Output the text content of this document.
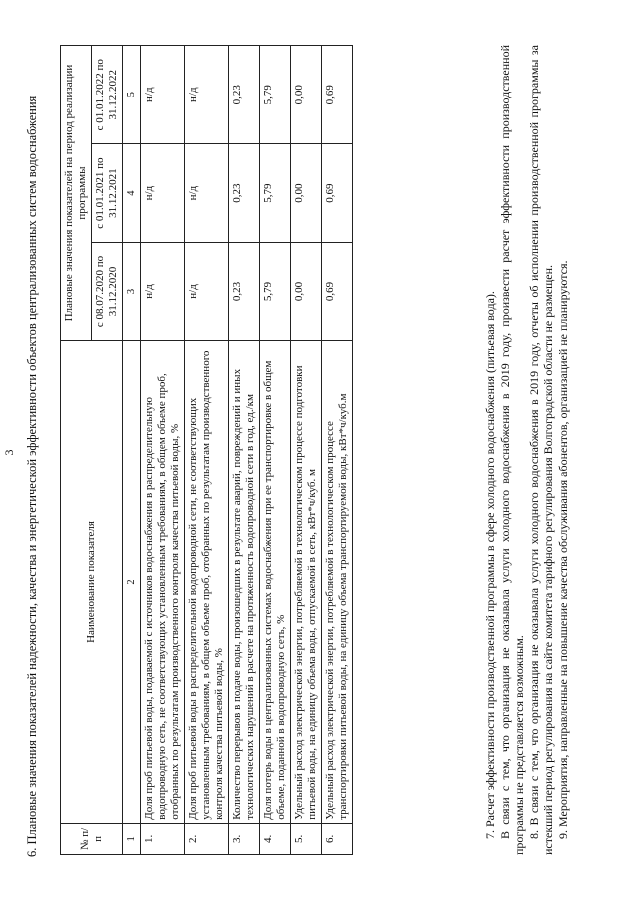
3 6. Плановые значения показателей надежности, качества и энергетической эффективности объектов централизованных систем водоснабжения	№ п/п	Наименование показателя	Плановые значения показателей на период реализации программы		
		с 08.07.2020 по 31.12.2020	с 01.01.2021 по 31.12.2021	с 01.01.2022 по 31.12.2022
1	2	3	4	5
1.	Доля проб питьевой воды, подаваемой с источников водоснабжения в распределительную водопроводную сеть, не соответствующих установленным требованиям, в общем объеме проб, отобранных по результатам производственного контроля качества питьевой воды, %	н/д	н/д	н/д
2.	Доля проб питьевой воды в распределительной водопроводной сети, не соответствующих установленным требованиям, в общем объеме проб, отобранных по результатам производственного контроля качества питьевой воды, %	н/д	н/д	н/д
3.	Количество перерывов в подаче воды, произошедших в результате аварий, повреждений и иных технологических нарушений в расчете на протяженность водопроводной сети в год, ед./км	0,23	0,23	0,23
4.	Доля потерь воды в централизованных системах водоснабжения при ее транспортировке в общем объеме, поданной в водопроводную сеть, %	5,79	5,79	5,79
5.	Удельный расход электрической энергии, потребляемой в технологическом процессе подготовки питьевой воды, на единицу объема воды, отпускаемой в сеть, кВт*ч/куб. м	0,00	0,00	0,00
6.	Удельный расход электрической энергии, потребляемой в технологическом процессе транспортировки питьевой воды, на единицу объема транспортируемой воды, кВт*ч/куб.м	0,69	0,69	0,69

7. Расчет эффективности производственной программы в сфере холодного водоснабжения (питьевая вода). В связи с тем, что организация не оказывала услуги холодного водоснабжения в 2019 году, произвести расчет эффективности производственной программы не представляется возможным. 8. В связи с тем, что организация не оказывала услуги холодного водоснабжения в 2019 году, отчеты об исполнении производственной программы за истекший период регулирования на сайте комитета тарифного регулирования Волгоградской области не размещен. 9. Мероприятия, направленные на повышение качества обслуживания абонентов, организацией не планируются.
